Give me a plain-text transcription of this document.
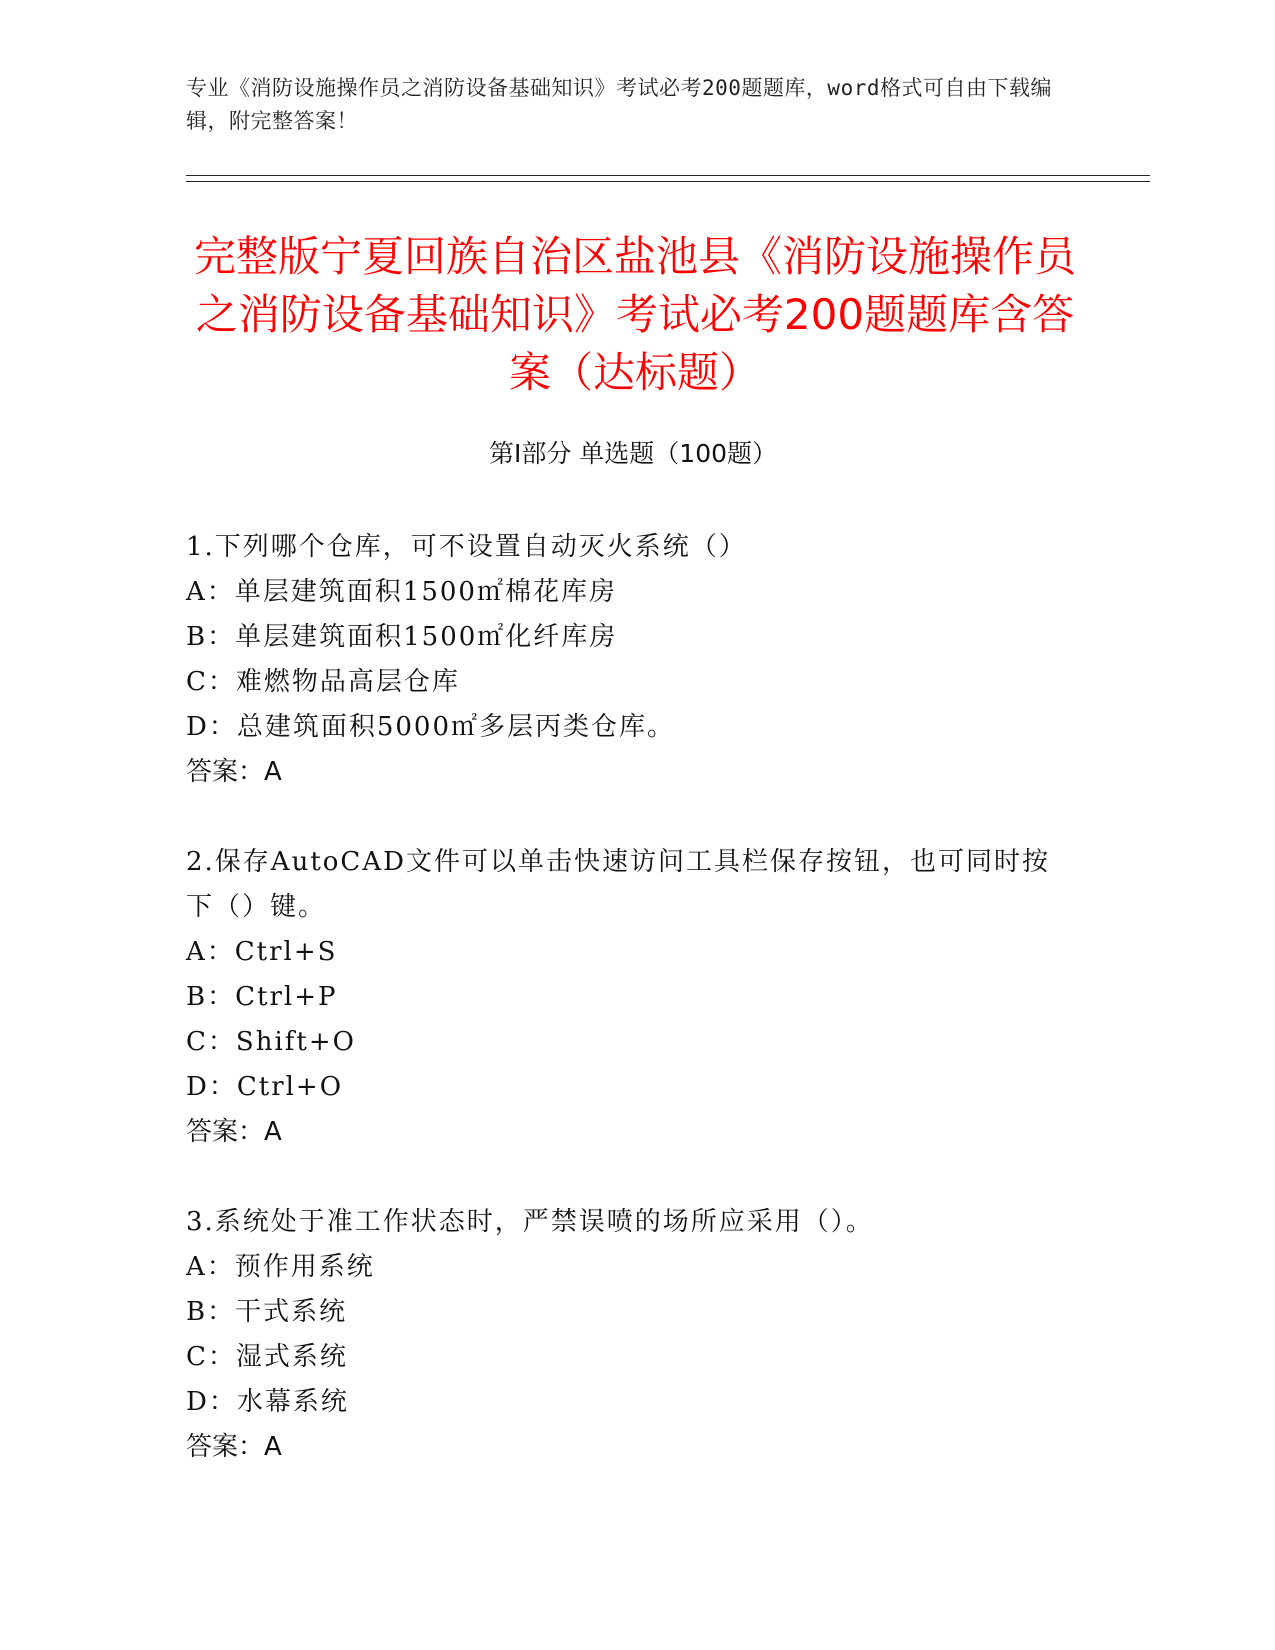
专业《消防设施操作员之消防设备基础知识》考试必考200题题库，word格式可自由下载编辑，附完整答案！
完整版宁夏回族自治区盐池县《消防设施操作员之消防设备基础知识》考试必考200题题库含答案（达标题）
第I部分 单选题（100题）

1.下列哪个仓库，可不设置自动灭火系统（）

A：单层建筑面积1500㎡棉花库房

B：单层建筑面积1500㎡化纤库房

C：难燃物品高层仓库

D：总建筑面积5000㎡多层丙类仓库。

答案：A

2.保存AutoCAD文件可以单击快速访问工具栏保存按钮，也可同时按下（）键。

A：Ctrl+S

B：Ctrl+P

C：Shift+O

D：Ctrl+O

答案：A

3.系统处于准工作状态时，严禁误喷的场所应采用（）。

A：预作用系统

B：干式系统

C：湿式系统

D：水幕系统

答案：A
